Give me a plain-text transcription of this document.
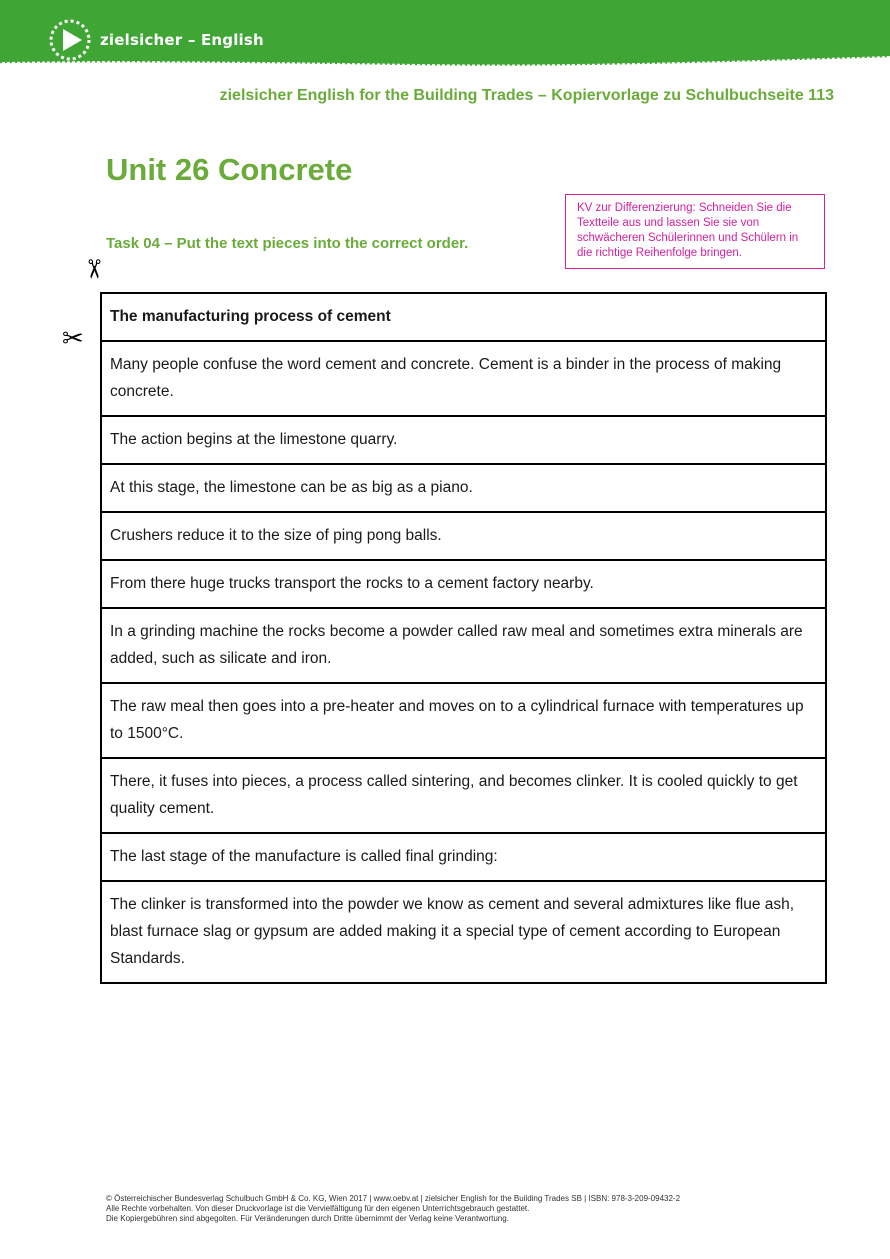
zielsicher – English
zielsicher English for the Building Trades – Kopiervorlage zu Schulbuchseite 113
Unit 26 Concrete
KV zur Differenzierung: Schneiden Sie die Textteile aus und lassen Sie sie von schwächeren Schülerinnen und Schülern in die richtige Reihenfolge bringen.
Task 04 – Put the text pieces into the correct order.
✂
✂
The manufacturing process of cement
Many people confuse the word cement and concrete. Cement is a binder in the process of making concrete.
The action begins at the limestone quarry.
At this stage, the limestone can be as big as a piano.
Crushers reduce it to the size of ping pong balls.
From there huge trucks transport the rocks to a cement factory nearby.
In a grinding machine the rocks become a powder called raw meal and sometimes extra minerals are added, such as silicate and iron.
The raw meal then goes into a pre-heater and moves on to a cylindrical furnace with temperatures up to 1500°C.
There, it fuses into pieces, a process called sintering, and becomes clinker. It is cooled quickly to get quality cement.
The last stage of the manufacture is called final grinding:
The clinker is transformed into the powder we know as cement and several admixtures like flue ash, blast furnace slag or gypsum are added making it a special type of cement according to European Standards.
© Österreichischer Bundesverlag Schulbuch GmbH & Co. KG, Wien 2017 | www.oebv.at | zielsicher English for the Building Trades SB | ISBN: 978-3-209-09432-2
Alle Rechte vorbehalten. Von dieser Druckvorlage ist die Vervielfältigung für den eigenen Unterrichtsgebrauch gestattet.
Die Kopiergebühren sind abgegolten. Für Veränderungen durch Dritte übernimmt der Verlag keine Verantwortung.
